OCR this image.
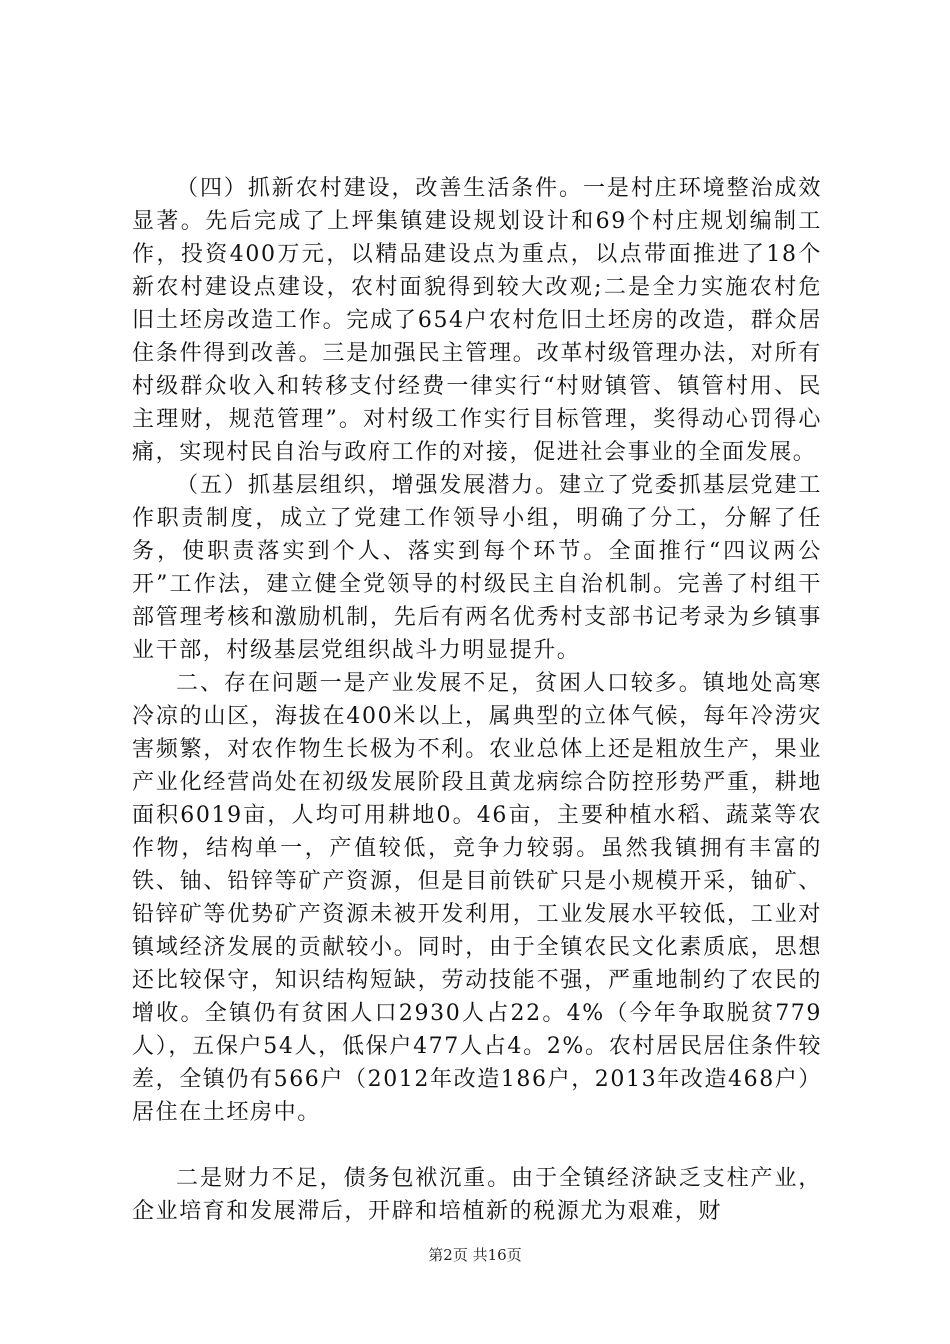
（四）抓新农村建设，改善生活条件。一是村庄环境整治成效显著。先后完成了上坪集镇建设规划设计和69个村庄规划编制工作，投资400万元，以精品建设点为重点，以点带面推进了18个新农村建设点建设，农村面貌得到较大改观;二是全力实施农村危旧土坯房改造工作。完成了654户农村危旧土坯房的改造，群众居住条件得到改善。三是加强民主管理。改革村级管理办法，对所有村级群众收入和转移支付经费一律实行“村财镇管、镇管村用、民主理财，规范管理”。对村级工作实行目标管理，奖得动心罚得心痛，实现村民自治与政府工作的对接，促进社会事业的全面发展。

（五）抓基层组织，增强发展潜力。建立了党委抓基层党建工作职责制度，成立了党建工作领导小组，明确了分工，分解了任务，使职责落实到个人、落实到每个环节。全面推行“四议两公开”工作法，建立健全党领导的村级民主自治机制。完善了村组干部管理考核和激励机制，先后有两名优秀村支部书记考录为乡镇事业干部，村级基层党组织战斗力明显提升。

二、存在问题一是产业发展不足，贫困人口较多。镇地处高寒冷凉的山区，海拔在400米以上，属典型的立体气候，每年冷涝灾害频繁，对农作物生长极为不利。农业总体上还是粗放生产，果业产业化经营尚处在初级发展阶段且黄龙病综合防控形势严重，耕地面积6019亩，人均可用耕地0。46亩，主要种植水稻、蔬菜等农作物，结构单一，产值较低，竞争力较弱。虽然我镇拥有丰富的铁、铀、铅锌等矿产资源，但是目前铁矿只是小规模开采，铀矿、铅锌矿等优势矿产资源未被开发利用，工业发展水平较低，工业对镇域经济发展的贡献较小。同时，由于全镇农民文化素质底，思想还比较保守，知识结构短缺，劳动技能不强，严重地制约了农民的增收。全镇仍有贫困人口2930人占22。4%（今年争取脱贫779人），五保户54人，低保户477人占4。2%。农村居民居住条件较差，全镇仍有566户（2012年改造186户，2013年改造468户）居住在土坯房中。

二是财力不足，债务包袱沉重。由于全镇经济缺乏支柱产业，企业培育和发展滞后，开辟和培植新的税源尤为艰难，财

第2页 共16页
